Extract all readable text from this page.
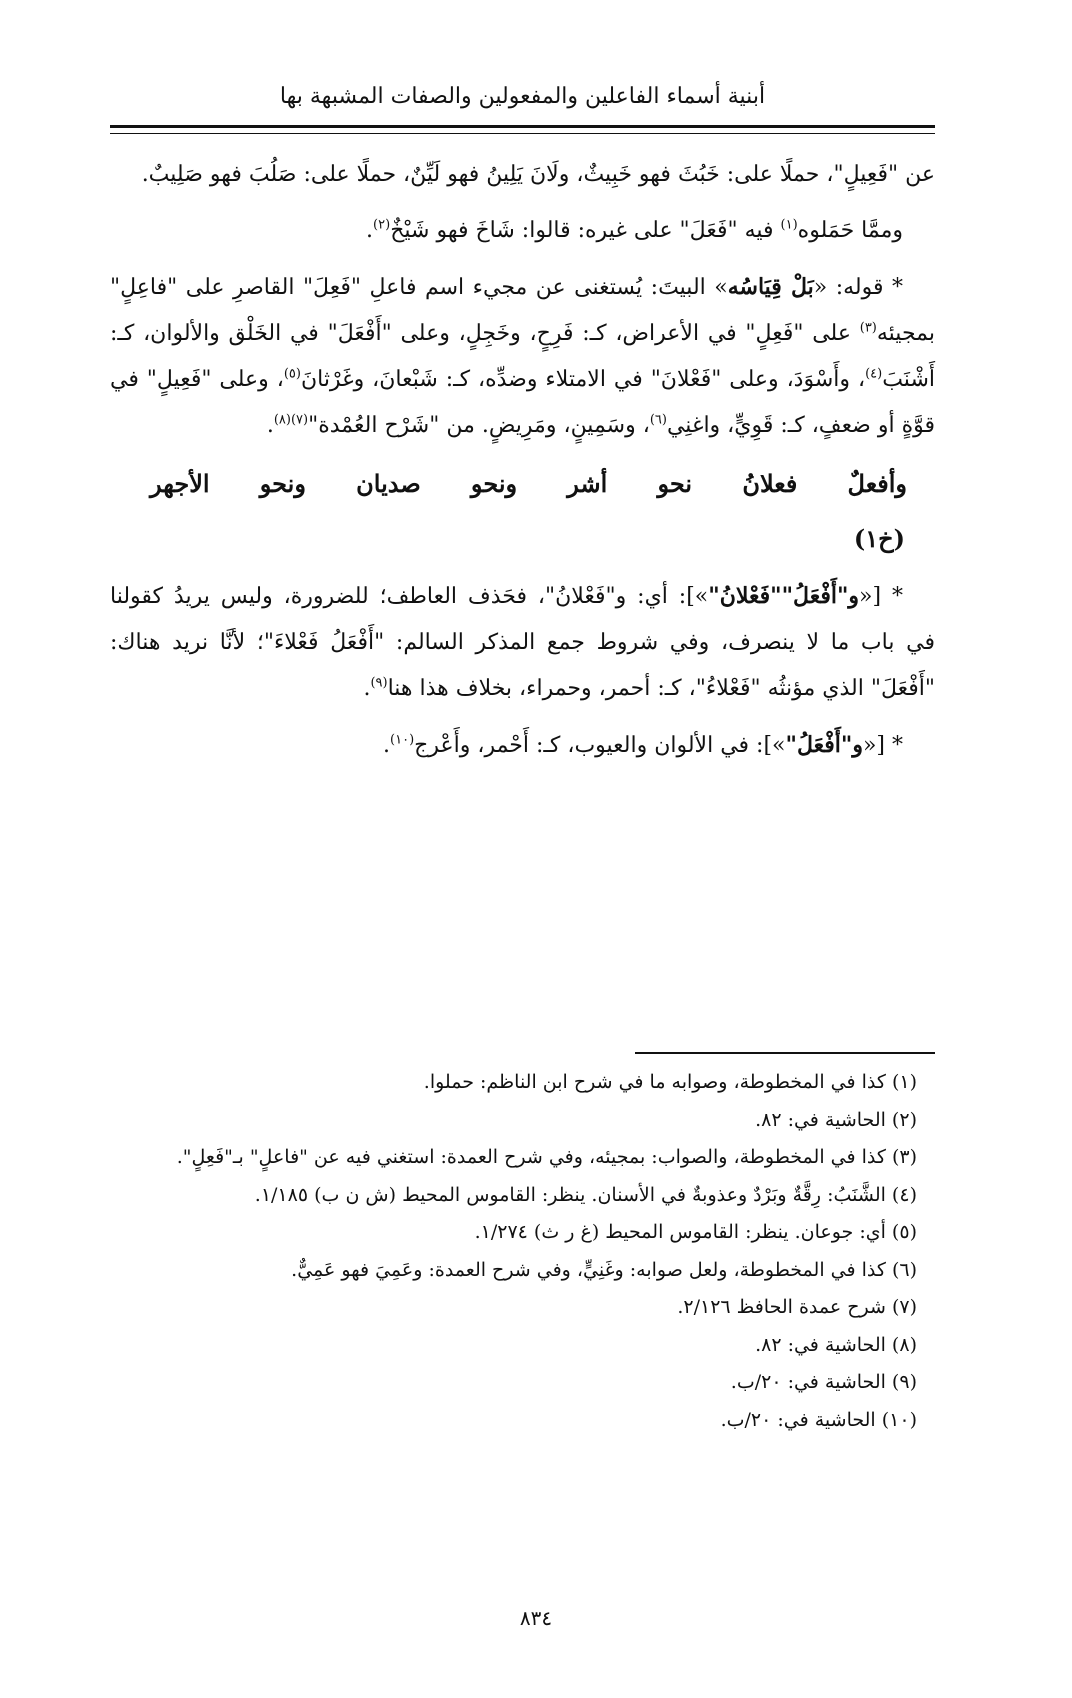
أبنية أسماء الفاعلين والمفعولين والصفات المشبهة بها

عن "فَعِيلٍ"، حملًا على: خَبُثَ فهو خَبِيثٌ، ولَانَ يَلِينُ فهو لَيِّنٌ، حملًا على: صَلُبَ فهو صَلِيبٌ.

وممَّا حَمَلوه$^{(١)}$ فيه "فَعَلَ" على غيره: قالوا: شَاخَ فهو شَيْخٌ$^{(٢)}$.

* قوله: «بَلْ قِيَاسُه» البيتَ: يُستغنى عن مجيء اسم فاعلِ "فَعِلَ" القاصرِ على "فاعِلٍ" بمجيئه$^{(٣)}$ على "فَعِلٍ" في الأعراض، كـ: فَرِحٍ، وخَجِلٍ، وعلى "أَفْعَلَ" في الخَلْق والألوان، كـ: أَشْنَبَ$^{(٤)}$، وأَسْوَدَ، وعلى "فَعْلانَ" في الامتلاء وضدِّه، كـ: شَبْعانَ، وغَرْثانَ$^{(٥)}$، وعلى "فَعِيلٍ" في قوَّةٍ أو ضعفٍ، كـ: قَوِيٍّ، واغنِي$^{(٦)}$، وسَمِينٍ، ومَرِيضٍ. من "شَرْح العُمْدة"$^{(٧)(٨)}$.

وأفعلٌ
فعلانُ
نحو
أشر
ونحو
صديان
ونحو
الأجهر
(خ١)

* [«و"أَفْعَلُ""فَعْلانُ"»]: أي: و"فَعْلانُ"، فحَذف العاطف؛ للضرورة، وليس يريدُ كقولنا في باب ما لا ينصرف، وفي شروط جمع المذكر السالم: "أَفْعَلُ فَعْلاءَ"؛ لأنَّا نريد هناك: "أَفْعَلَ" الذي مؤنثُه "فَعْلاءُ"، كـ: أحمر، وحمراء، بخلاف هذا هنا$^{(٩)}$.

* [«و"أَفْعَلُ"»]: في الألوان والعيوب، كـ: أَحْمر، وأَعْرج$^{(١٠)}$.

(١) كذا في المخطوطة، وصوابه ما في شرح ابن الناظم: حملوا.
(٢) الحاشية في: ٨٢.
(٣) كذا في المخطوطة، والصواب: بمجيئه، وفي شرح العمدة: استغني فيه عن "فاعلٍ" بـ"فَعِلٍ".
(٤) الشَّنَبُ: رِقَّةٌ وبَرْدٌ وعذوبةٌ في الأسنان. ينظر: القاموس المحيط (ش ن ب) ١/١٨٥.
(٥) أي: جوعان. ينظر: القاموس المحيط (غ ر ث) ١/٢٧٤.
(٦) كذا في المخطوطة، ولعل صوابه: وغَنِيٍّ، وفي شرح العمدة: وعَمِيَ فهو عَمِيٌّ.
(٧) شرح عمدة الحافظ ٢/١٢٦.
(٨) الحاشية في: ٨٢.
(٩) الحاشية في: ٢٠/ب.
(١٠) الحاشية في: ٢٠/ب.
٨٣٤
